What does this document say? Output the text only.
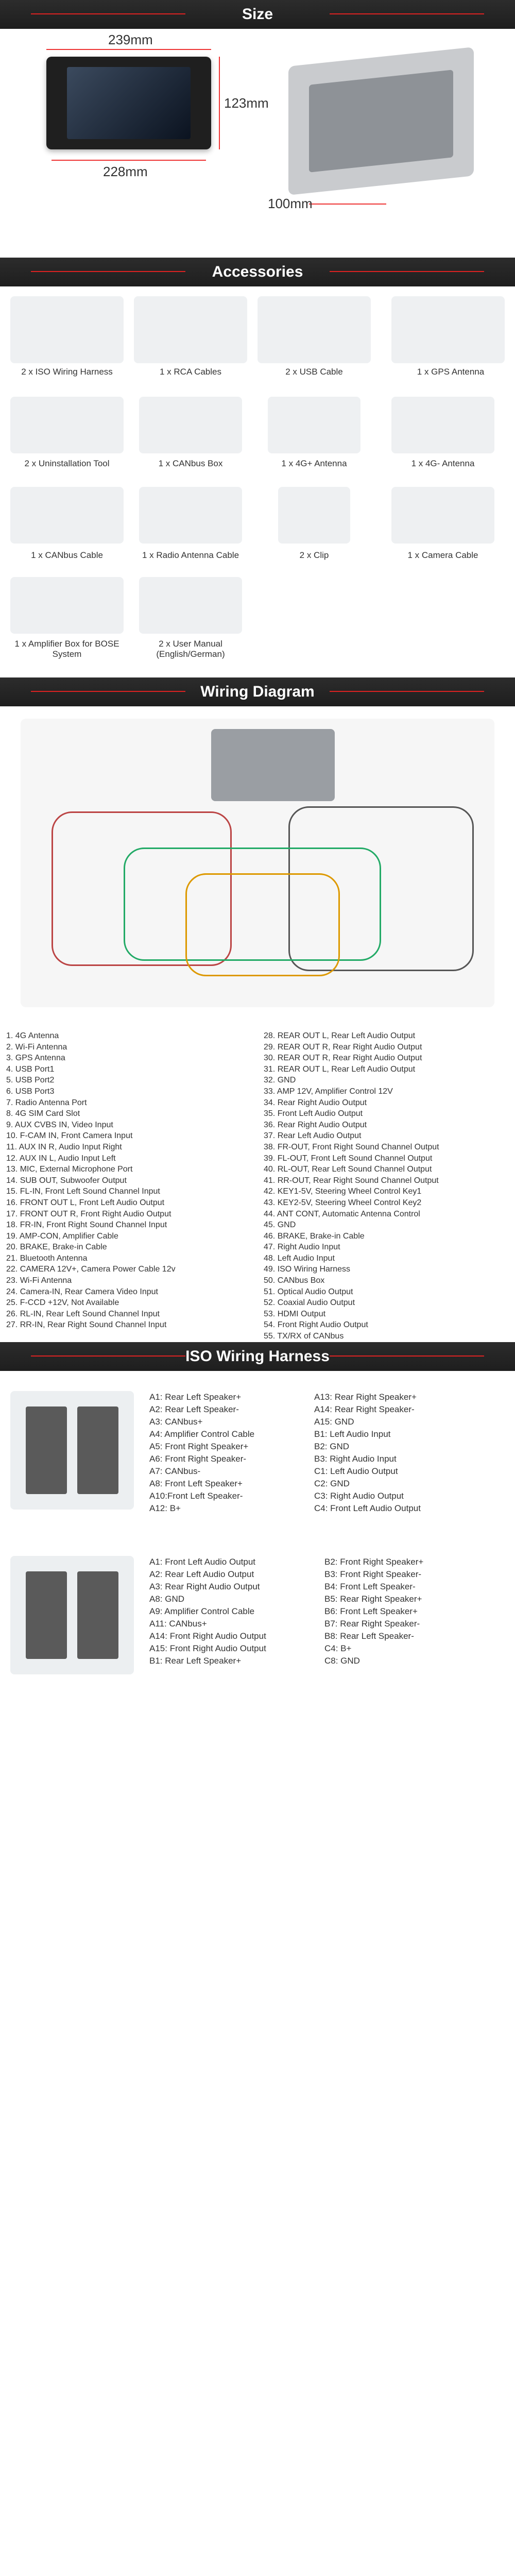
Size
239mm
123mm
228mm
100mm
Accessories
2 x ISO Wiring Harness	1 x RCA Cables	2 x USB Cable	1 x GPS Antenna
2 x Uninstallation Tool	1 x CANbus Box	1 x 4G+ Antenna	1 x 4G- Antenna
1 x CANbus Cable	1 x Radio Antenna Cable	2 x Clip	1 x Camera Cable
1 x Amplifier Box for BOSE System
2 x User Manual (English/German)
Wiring Diagram
1. 4G Antenna
2. Wi-Fi Antenna
3. GPS Antenna
4. USB Port1
5. USB Port2
6. USB Port3
7. Radio Antenna Port
8. 4G SIM Card Slot
9. AUX CVBS IN, Video Input
10. F-CAM IN, Front Camera Input
11. AUX IN R, Audio Input Right
12. AUX IN L, Audio Input Left
13. MIC, External Microphone Port
14. SUB OUT, Subwoofer Output
15. FL-IN, Front Left Sound Channel Input
16. FRONT OUT L, Front Left Audio Output
17. FRONT OUT R, Front Right Audio Output
18. FR-IN, Front Right Sound Channel Input
19. AMP-CON, Amplifier Cable
20. BRAKE, Brake-in Cable
21. Bluetooth Antenna
22. CAMERA 12V+, Camera Power Cable 12v
23. Wi-Fi Antenna
24. Camera-IN, Rear Camera Video Input
25. F-CCD +12V, Not Available
26. RL-IN, Rear Left Sound Channel Input
27. RR-IN, Rear Right Sound Channel Input
28. REAR OUT L, Rear Left Audio Output
29. REAR OUT R, Rear Right Audio Output
30. REAR OUT R, Rear Right Audio Output
31. REAR OUT L, Rear Left Audio Output
32. GND
33. AMP 12V, Amplifier Control 12V
34. Rear Right Audio Output
35. Front Left Audio Output
36. Rear Right Audio Output
37. Rear Left Audio Output
38. FR-OUT, Front Right Sound Channel Output
39. FL-OUT, Front Left Sound Channel Output
40. RL-OUT, Rear Left Sound Channel Output
41. RR-OUT, Rear Right Sound Channel Output
42. KEY1-5V, Steering Wheel Control Key1
43. KEY2-5V, Steering Wheel Control Key2
44. ANT CONT, Automatic Antenna Control
45. GND
46. BRAKE, Brake-in Cable
47. Right Audio Input
48. Left Audio Input
49. ISO Wiring Harness
50. CANbus Box
51. Optical Audio Output
52. Coaxial Audio Output
53. HDMI Output
54. Front Right Audio Output
55. TX/RX of CANbus
ISO Wiring Harness
A1: Rear Left Speaker+
A2: Rear Left Speaker-
A3: CANbus+
A4: Amplifier Control Cable
A5: Front Right Speaker+
A6: Front Right Speaker-
A7: CANbus-
A8: Front Left Speaker+
A10:Front Left Speaker-
A12: B+
A13: Rear Right Speaker+
A14: Rear Right Speaker-
A15: GND
B1: Left Audio Input
B2: GND
B3: Right Audio Input
C1: Left Audio Output
C2: GND
C3: Right Audio Output
C4: Front Left Audio Output
A1: Front Left Audio Output
A2: Rear Left Audio Output
A3: Rear Right Audio Output
A8: GND
A9: Amplifier Control Cable
A11: CANbus+
A14: Front Right Audio Output
A15: Front Right Audio Output
B1: Rear Left Speaker+
B2: Front Right Speaker+
B3: Front Right Speaker-
B4: Front Left Speaker-
B5: Rear Right Speaker+
B6: Front Left Speaker+
B7: Rear Right Speaker-
B8: Rear Left Speaker-
C4: B+
C8: GND
